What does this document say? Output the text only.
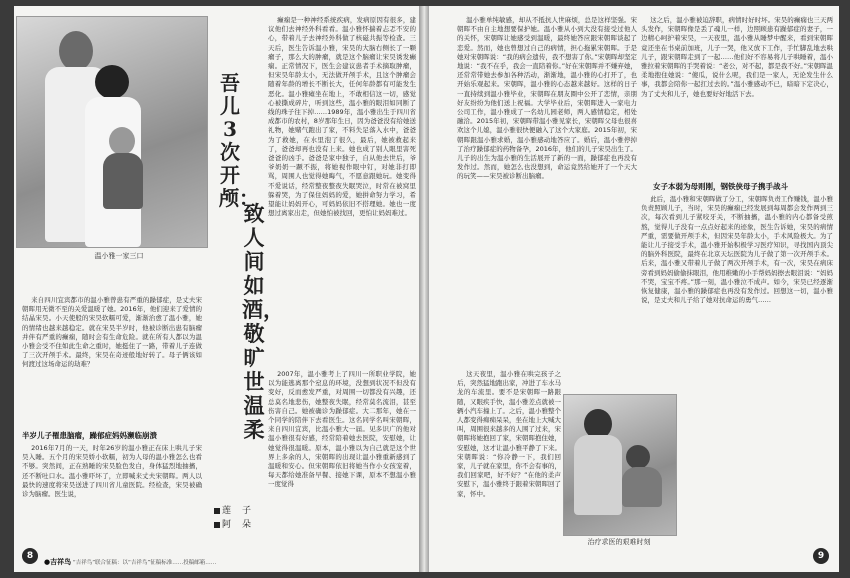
温小雅一家三口
吾儿3次开颅：
致人间如酒，敬旷世温柔
莲 子
阿 朵

来自四川宜宾都市的温小雅曾患有严重的躁郁症，是丈夫宋朝晖用无微不至的关爱温暖了她。2016年，他们迎来了爱情的结晶宋昊。小天使般的宋昊软糯可爱，渐渐治愈了温小雅，她的情绪也越来越稳定。就在宋昊半岁时，他被诊断出患有脑瘤并伴有严重的癫痫，随时会有生命危险。就在所有人都以为温小雅会受不住如此生命之重时，她挺住了一路，带着儿子连做了三次开颅手术。最终，宋昊在奇迹般地好转了。母子俩该如何渡过这场命运的劫难？

半岁儿子罹患脑瘤，躁郁症妈妈濒临崩溃

2016年7月的一天，时年26岁的温小雅正在床上哄儿子宋昊入睡。五个月的宋昊娇小软糯，初为人母的温小雅怎么也看不够。突然间，正在熟睡的宋昊脸色发白，身体猛烈地抽搐，还不断吐口水。温小雅吓坏了，立即喊来丈夫宋朝晖。两人以最快的速度将宋昊送进了四川省儿童医院。经检查，宋昊被确诊为脑瘤。医生说，

癫痫是一种神经系统疾病，发病原因有很多，建议他们去神经外科看看。温小雅怀揣着忐忑不安的心，带着儿子去神经外科做了核磁共振等检查。三天后，医生告诉温小雅，宋昊的大脑右侧长了一颗瘤子，那么大的肿瘤，就是这个脑瘤让宋昊诱发癫痫。正常情况下，医生会建议患者手术摘取肿瘤，但宋昊年龄太小，无法做开颅手术，且这个肿瘤会随着年龄的增长不断长大，任何年龄都有可能发生恶化。温小雅瘫坐在地上，不敢相信这一切，感觉心被撕成碎片，听到这些，温小雅的眼泪如同断了线的珠子往下掉……1989年，温小雅出生于四川省成都市的农村，8岁那年生日，因为爸爸没有给她送礼物，她赌气跑出了家，不料失足落入水中，爸爸为了救她，在水里泡了很久，最后，她被救起来了，爸爸却再也没有上来。她也成了别人眼里害死爸爸的凶手。爸爸是家中独子，自从他去世后，爷爷奶奶一蹶不振，将她视作眼中钉，对她非打即骂，周围人也觉得她晦气，不愿意跟她玩。她变得不爱说话，经常整夜整夜失眠哭泣，时常在被窝里躲着哭，为了保住妈妈的爱，她拼命努力学习，希望能让妈妈开心，可妈妈依旧不搭理她。她也一度想过离家出走，但她怕被找回，更怕让妈妈难过。

2007年，温小雅考上了四川一所职业学院，她以为能逃离那个窒息的环境，没想到状况不但没有变好，反而愈发严重，对周围一切都没有兴趣，还总莫名地悲伤，她整夜失眠，经常莫名流泪，甚至伤害自己。她被确诊为躁郁症。大二那年，她在一个同学的陪伴下去看医生。这名同学名叫宋朝晖，来自四川宜宾，比温小雅大一届。见多识广的他对温小雅很有好感，经常陪着她去医院，安慰她，让她觉得很温暖。原本，温小雅以为自己就是这个世界上多余的人，宋朝晖的出现让温小雅重新感到了温暖和安心。但宋朝晖依旧将她当作小女孩宠着，每天都给她准备早餐、接她下课，原本不想温小雅一度觉得

8
●吉祥鸟 “吉祥鸟”联合征稿：以“吉祥鸟”征稿标准……投稿邮箱……

温小雅单纯敏感，却从不抵抗人世麻烦，总是这样坚强。宋朝晖不由自主地想要保护她。温小雅从小到大没有接受过他人的关怀，宋朝晖让她感受到温暖，最终她答应跟宋朝晖谈起了恋爱。然而，她也曾想过自己的病情，担心拖累宋朝晖。于是她对宋朝晖说：“我的病会遗传，我不想害了你。”宋朝晖却坚定地说：“我不在乎，我会一直陪着你。”好在宋朝晖并不嫌弃她，还常常带她去参加各种活动，渐渐地，温小雅的心打开了，也开始乐观起来。宋朝晖，温小雅的心态越来越好。这样的日子一直持续到温小雅毕业，宋朝晖在朋友圈中公开了恋情，亲朋好友纷纷为他们送上祝福。大学毕业后，宋朝晖进入一家电力公司工作，温小雅成了一名幼儿园老师，两人感情稳定，相处融洽。2015年初，宋朝晖带温小雅见家长，宋朝晖父母也很喜欢这个儿媳，温小雅很快便融入了这个大家庭。2015年初，宋朝晖跟温小雅求婚，温小雅感动地答应了。婚后，温小雅停掉了治疗躁郁症的药物备孕，2016年，他们的儿子宋昊出生了。儿子的出生为温小雅的生活展开了新的一面，躁郁症也再没有发作过。然而，她怎么也没想到，命运竟然给她开了一个天大的玩笑——宋昊被诊断出脑瘤。

这天夜里，温小雅在哄完孩子之后，突然猛地跑出家，冲进了车水马龙的车流里。要不是宋朝晖一路跟随，又眼疾手快，温小雅差点就被一辆小汽车撞上了。之后，温小雅整个人都变得痴痴呆呆，坐在地上大喊大叫，周围很来越多的人围了过来，宋朝晖将她抱回了家，宋朝晖抱住她，安慰她，这才让温小雅平静了下来。宋朝晖说：“你冷静一下，我们回家，儿子就在家里，你不会有事的，我们回家吧，好不好？”在他的柔声安慰下，温小雅终于跟着宋朝晖回了家，怀中。

治疗求医的艰难时刻

这之后，温小雅被迫辞职，病情时好时坏。宋昊的癫痫也三天两头发作，宋朝晖像是丢了魂儿一样，边照顾患有躁郁症的妻子，一边精心呵护着宋昊，一天夜里，温小雅从睡梦中醒来，看到宋朝晖竟还坐在书桌前加班，儿子一哭，他又放下工作，手忙脚乱地去哄儿子，跟宋朝晖走到了一起……他们好不容易将儿子哄睡着，温小雅拉着宋朝晖的手哭着说：“老公，对不起，都是我不好。”宋朝晖温柔地抱住她说：“傻瓜，说什么呢，我们是一家人，无论发生什么事，我都会陪你一起扛过去的。”温小雅感动不已，暗暗下定决心，为了丈夫和儿子，她也要好好地活下去。

女子本弱为母则刚，钢铁侠母子携手战斗

此后，温小雅和宋朝晖做了分工，宋朝晖负责工作赚钱，温小雅负责照顾儿子，当时，宋昊的癫痫已经发展到每周都会发作两到三次，每次看到儿子紧咬牙关，不断抽搐，温小雅的内心都备受煎熬，觉得儿子没有一点点好起来的迹象，医生告诉她，宋昊的病情严重，需要做开颅手术，但因宋昊年龄太小，手术风险极大。为了能让儿子接受手术，温小雅开始积极学习医疗知识，寻找国内顶尖的脑外科医院，最终在北京天坛医院为儿子做了第一次开颅手术。后来，温小雅又带着儿子做了两次开颅手术，有一次，宋昊在病床旁看到妈妈偷偷抹眼泪，他用稚嫩的小手帮妈妈擦去眼泪说：“妈妈不哭，宝宝不疼。”那一刻，温小雅泣不成声。如今，宋昊已经逐渐恢复健康，温小雅的躁郁症也再没有发作过。回想这一切，温小雅说，是丈夫和儿子给了她对抗命运的勇气……

9
